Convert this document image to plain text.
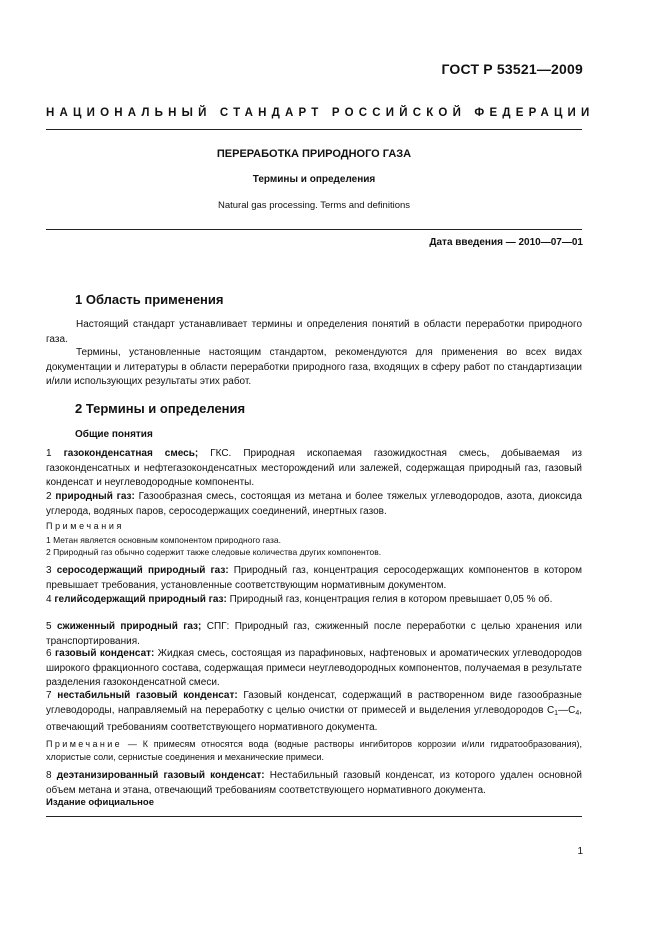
ГОСТ Р 53521—2009
НАЦИОНАЛЬНЫЙ СТАНДАРТ РОССИЙСКОЙ ФЕДЕРАЦИИ
ПЕРЕРАБОТКА ПРИРОДНОГО ГАЗА
Термины и определения
Natural gas processing. Terms and definitions
Дата введения — 2010—07—01
1 Область применения
Настоящий стандарт устанавливает термины и определения понятий в области переработки природного газа.
Термины, установленные настоящим стандартом, рекомендуются для применения во всех видах документации и литературы в области переработки природного газа, входящих в сферу работ по стандартизации и/или использующих результаты этих работ.
2 Термины и определения
Общие понятия
1 газоконденсатная смесь; ГКС. Природная ископаемая газожидкостная смесь, добываемая из газоконденсатных и нефтегазоконденсатных месторождений или залежей, содержащая природный газ, газовый конденсат и неуглеводородные компоненты.
2 природный газ: Газообразная смесь, состоящая из метана и более тяжелых углеводородов, азота, диоксида углерода, водяных паров, серосодержащих соединений, инертных газов.
Примечания
1 Метан является основным компонентом природного газа.
2 Природный газ обычно содержит также следовые количества других компонентов.
3 серосодержащий природный газ: Природный газ, концентрация серосодержащих компонентов в котором превышает требования, установленные соответствующим нормативным документом.
4 гелийсодержащий природный газ: Природный газ, концентрация гелия в котором превышает 0,05 % об.
5 сжиженный природный газ; СПГ: Природный газ, сжиженный после переработки с целью хранения или транспортирования.
6 газовый конденсат: Жидкая смесь, состоящая из парафиновых, нафтеновых и ароматических углеводородов широкого фракционного состава, содержащая примеси неуглеводородных компонентов, получаемая в результате разделения газоконденсатной смеси.
7 нестабильный газовый конденсат: Газовый конденсат, содержащий в растворенном виде газообразные углеводороды, направляемый на переработку с целью очистки от примесей и выделения углеводородов $C_1—C_4$, отвечающий требованиям соответствующего нормативного документа.
Примечание — К примесям относятся вода (водные растворы ингибиторов коррозии и/или гидратообразования), хлористые соли, сернистые соединения и механические примеси.
8 деэтанизированный газовый конденсат: Нестабильный газовый конденсат, из которого удален основной объем метана и этана, отвечающий требованиям соответствующего нормативного документа.
Издание официальное
1
